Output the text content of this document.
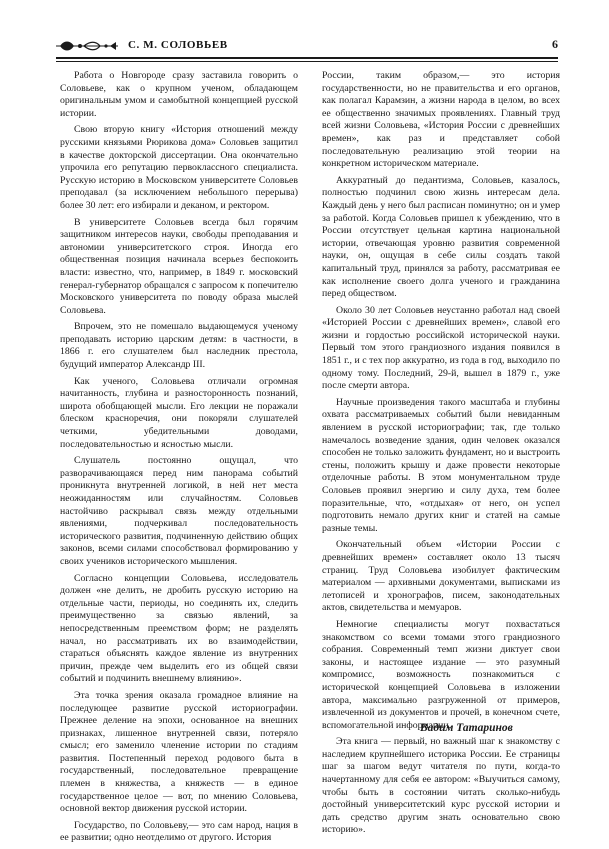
С. М. СОЛОВЬЕВ	6

Работа о Новгороде сразу заставила говорить о Соловьеве, как о крупном ученом, обладающем оригинальным умом и самобытной концепцией русской истории.

Свою вторую книгу «История отношений между русскими князьями Рюрикова дома» Соловьев защитил в качестве докторской диссертации. Она окончательно упрочила его репутацию первоклассного специалиста. Русскую историю в Московском университете Соловьев преподавал (за исключением небольшого перерыва) более 30 лет: его избирали и деканом, и ректором.

В университете Соловьев всегда был горячим защитником интересов науки, свободы преподавания и автономии университетского строя. Иногда его общественная позиция начинала всерьез беспокоить власти: известно, что, например, в 1849 г. московский генерал-губернатор обращался с запросом к попечителю Московского университета по поводу образа мыслей Соловьева.

Впрочем, это не помешало выдающемуся ученому преподавать историю царским детям: в частности, в 1866 г. его слушателем был наследник престола, будущий император Александр III.

Как ученого, Соловьева отличали огромная начитанность, глубина и разносторонность познаний, широта обобщающей мысли. Его лекции не поражали блеском красноречия, они покоряли слушателей четкими, убедительными доводами, последовательностью и ясностью мысли.

Слушатель постоянно ощущал, что разворачивающаяся перед ним панорама событий проникнута внутренней логикой, в ней нет места неожиданностям или случайностям. Соловьев настойчиво раскрывал связь между отдельными явлениями, подчеркивал последовательность исторического развития, подчиненную действию общих законов, всеми силами способствовал формированию у своих учеников исторического мышления.

Согласно концепции Соловьева, исследователь должен «не делить, не дробить русскую историю на отдельные части, периоды, но соединять их, следить преимущественно за связью явлений, за непосредственным преемством форм; не разделять начал, но рассматривать их во взаимодействии, стараться объяснять каждое явление из внутренних причин, прежде чем выделить его из общей связи событий и подчинить внешнему влиянию».

Эта точка зрения оказала громадное влияние на последующее развитие русской историографии. Прежнее деление на эпохи, основанное на внешних признаках, лишенное внутренней связи, потеряло смысл; его заменило членение истории по стадиям развития. Постепенный переход родового быта в государственный, последовательное превращение племен в княжества, а княжеств — в единое государственное целое — вот, по мнению Соловьева, основной вектор движения русской истории.

Государство, по Соловьеву,— это сам народ, нация в ее развитии; одно неотделимо от другого. История

России, таким образом,— это история государственности, но не правительства и его органов, как полагал Карамзин, а жизни народа в целом, во всех ее общественно значимых проявлениях. Главный труд всей жизни Соловьева, «История России с древнейших времен», как раз и представляет собой последовательную реализацию этой теории на конкретном историческом материале.

Аккуратный до педантизма, Соловьев, казалось, полностью подчинил свою жизнь интересам дела. Каждый день у него был расписан поминутно; он и умер за работой. Когда Соловьев пришел к убеждению, что в России отсутствует цельная картина национальной истории, отвечающая уровню развития современной науки, он, ощущая в себе силы создать такой капитальный труд, принялся за работу, рассматривая ее как исполнение своего долга ученого и гражданина перед обществом.

Около 30 лет Соловьев неустанно работал над своей «Историей России с древнейших времен», славой его жизни и гордостью российской исторической науки. Первый том этого грандиозного издания появился в 1851 г., и с тех пор аккуратно, из года в год, выходило по одному тому. Последний, 29-й, вышел в 1879 г., уже после смерти автора.

Научные произведения такого масштаба и глубины охвата рассматриваемых событий были невиданным явлением в русской историографии; так, где только намечалось возведение здания, один человек оказался способен не только заложить фундамент, но и выстроить стены, положить крышу и даже провести некоторые отделочные работы. В этом монументальном труде Соловьев проявил энергию и силу духа, тем более поразительные, что, «отдыхая» от него, он успел подготовить немало других книг и статей на самые разные темы.

Окончательный объем «Истории России с древнейших времен» составляет около 13 тысяч страниц. Труд Соловьева изобилует фактическим материалом — архивными документами, выписками из летописей и хронографов, писем, законодательных актов, свидетельства и мемуаров.

Немногие специалисты могут похвастаться знакомством со всеми томами этого грандиозного собрания. Современный темп жизни диктует свои законы, и настоящее издание — это разумный компромисс, возможность познакомиться с исторической концепцией Соловьева в изложении автора, максимально разгруженной от примеров, извлеченной из документов и прочей, в конечном счете, вспомогательной информации.

Эта книга — первый, но важный шаг к знакомству с наследием крупнейшего историка России. Ее страницы шаг за шагом ведут читателя по пути, когда-то начертанному для себя ее автором: «Выучиться самому, чтобы быть в состоянии читать сколько-нибудь достойный университетский курс русской истории и дать средство другим знать основательно свою историю».

Вадим Татаринов
